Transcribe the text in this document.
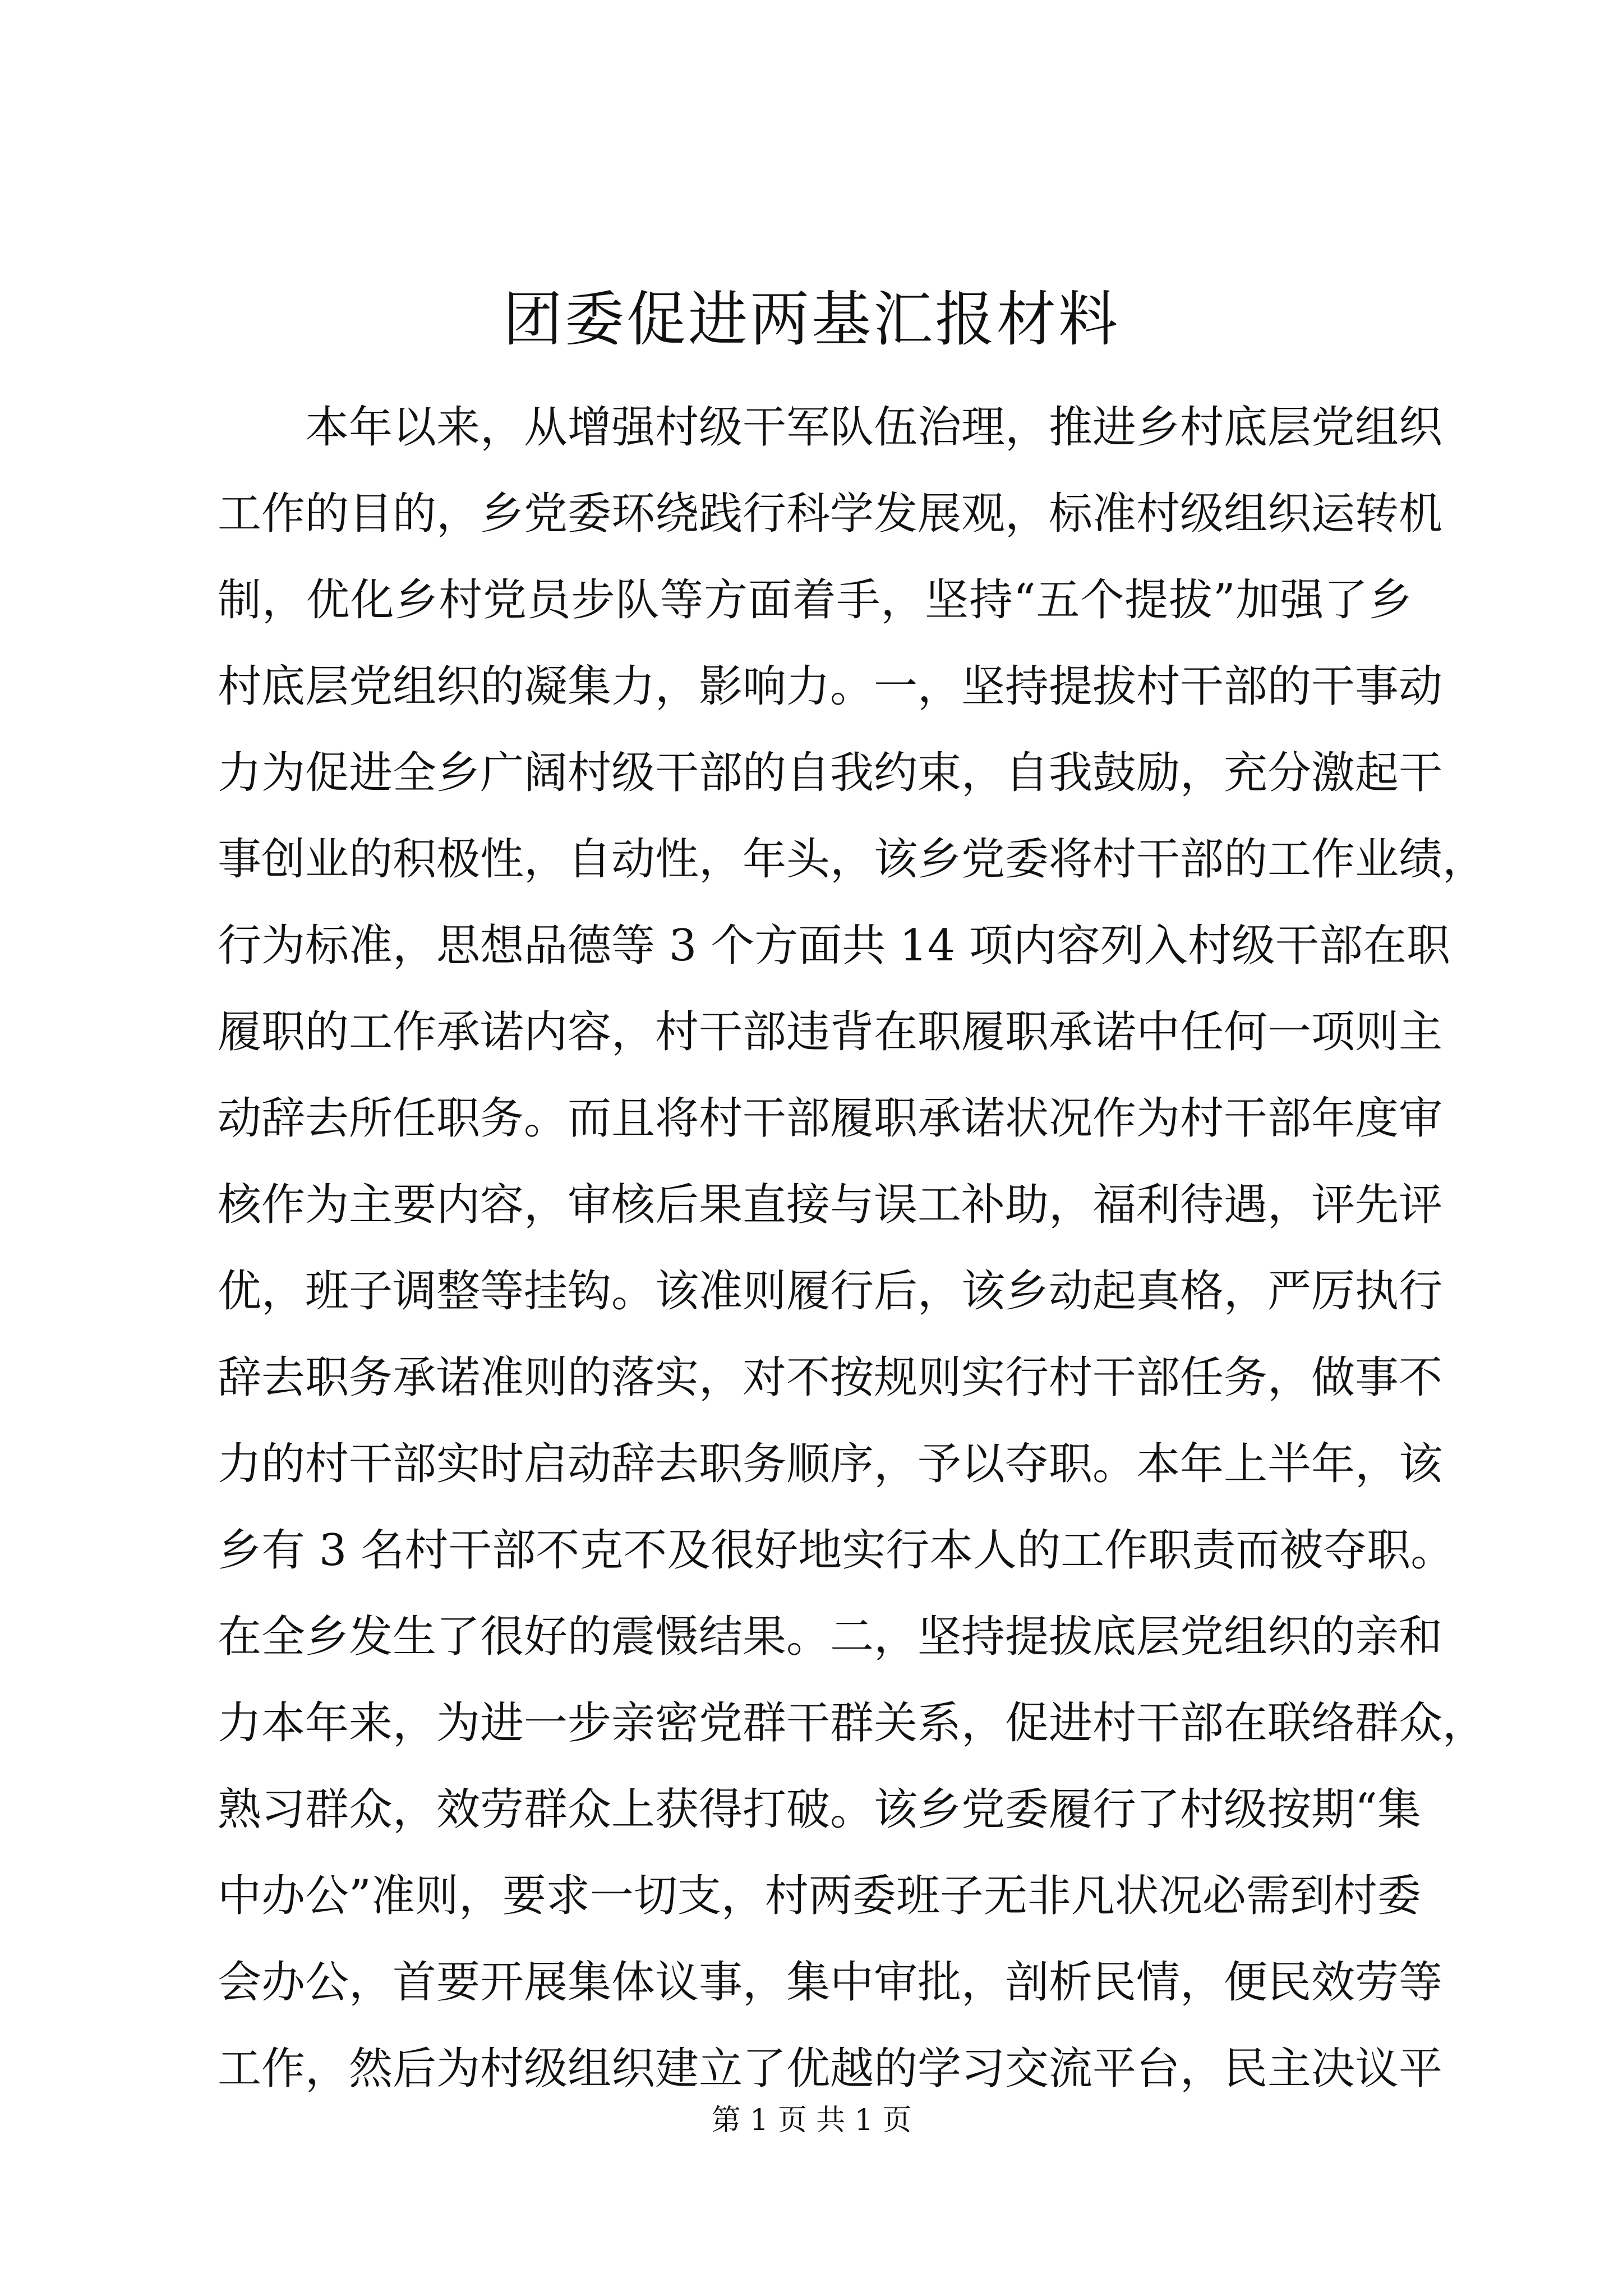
团委促进两基汇报材料
本年以来，从增强村级干军队伍治理，推进乡村底层党组织
工作的目的，乡党委环绕践行科学发展观，标准村级组织运转机
制，优化乡村党员步队等方面着手，坚持“五个提拔”加强了乡
村底层党组织的凝集力，影响力。一，坚持提拔村干部的干事动
力为促进全乡广阔村级干部的自我约束，自我鼓励，充分激起干
事创业的积极性，自动性，年头，该乡党委将村干部的工作业绩，
行为标准，思想品德等 3 个方面共 14 项内容列入村级干部在职
履职的工作承诺内容，村干部违背在职履职承诺中任何一项则主
动辞去所任职务。而且将村干部履职承诺状况作为村干部年度审
核作为主要内容，审核后果直接与误工补助，福利待遇，评先评
优，班子调整等挂钩。该准则履行后，该乡动起真格，严厉执行
辞去职务承诺准则的落实，对不按规则实行村干部任务，做事不
力的村干部实时启动辞去职务顺序，予以夺职。本年上半年，该
乡有 3 名村干部不克不及很好地实行本人的工作职责而被夺职。
在全乡发生了很好的震慑结果。二，坚持提拔底层党组织的亲和
力本年来，为进一步亲密党群干群关系，促进村干部在联络群众，
熟习群众，效劳群众上获得打破。该乡党委履行了村级按期“集
中办公”准则，要求一切支，村两委班子无非凡状况必需到村委
会办公，首要开展集体议事，集中审批，剖析民情，便民效劳等
工作，然后为村级组织建立了优越的学习交流平台，民主决议平
第 1 页 共 1 页
